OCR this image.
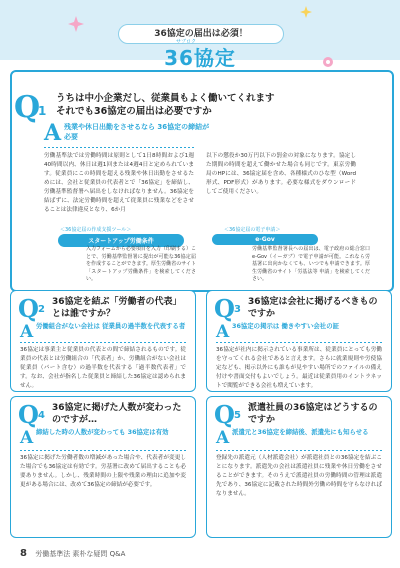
36協定の届出は必須！
サブロク
36協定
Q
1
うちは中小企業だし、従業員もよく働いてくれます それでも36協定の届出は必要ですか
A 残業や休日出勤をさせるなら 36協定の締結が必要
労働基準法では労働時間は原則として1日8時間および1週40時間以内、休日は週1回または4週4日と定められています。従業員にこの時間を超える残業や休日出勤をさせるためには、会社と従業員の代表者とで「36協定」を締結し、労働基準監督署へ届出をしなければなりません。36協定を結ばずに、法定労働時間を超えて従業員に残業などをさせることは法律違反となり、6か月
以下の懲役か30万円以下の罰金の対象になります。協定した期間の時間を超えて働かせた場合も同じです。東京労働局のHPには、36協定届を含め、各種様式のひな型（Word形式、PDF形式）があります。必要な様式をダウンロードしてご使用ください。
＜36協定届の作成支援ツール＞
スタートアップ労働条件
入力フォームから必要項目を入力（印刷する）ことで、労働基準監督署に提出が可能な36協定届を作成することができます。厚生労働省のサイト「スタートアップ労働条件」を検索してください。
＜36協定届の電子申請＞
e-Gov
労働基準監督署長への届出は、電子政府の総合窓口e-Gov（イーガブ）で電子申請が可能。これなら労基署に出向かなくても、いつでも申請できます。厚生労働省のサイト「労基法等 申請」を検索してください。
Q 2
36協定を結ぶ「労働者の代表」とは誰ですか？
A 労働組合がない会社は 従業員の過半数を代表する者
36協定は事業主と従業員の代表との間で締結されるものです。従業員の代表とは労働組合の「代表者」か、労働組合がない会社は従業員（パート含む）の過半数を代表する「過半数代表者」です。なお、会社が指名した従業員と締結した36協定は認められません。
Q 3
36協定は会社に掲げるべきものですか
A 36協定の掲示は 働きやすい会社の証
36協定が社内に掲示されている事業所は、従業員にとっても労働を守ってくれる会社であると言えます。さらに就業規則や労使協定なども、掲示以外にも誰もが見やすい場所でのファイルの備え付けや書面交付もよいでしょう。最近は従業員用のイントラネットで閲覧ができる会社も増えています。
Q 4
36協定に掲げた人数が変わったのですが…
A 締結した時の人数が変わっても 36協定は有効
36協定に掲げた労働者数の増減があった場合や、代表者が変更した場合でも36協定は有効です。労基署に改めて届出することも必要ありません。しかし、残業時間の上限や残業の理由に追加や変更がある場合には、改めて36協定の締結が必要です。
Q 5
派遣社員の36協定はどうするのですか
A 派遣元と36協定を締結後、派遣先にも知らせる
登録先の派遣元（人材派遣会社）が派遣社員との36協定を結ぶことになります。派遣先の会社は派遣社員に残業や休日労働をさせることができます。そのうえで派遣社員の労働時間の管理は派遣先であり、36協定に記載された時間外労働の時間を守らなければなりません。
8 労働基準法 素朴な疑問 Q&A
